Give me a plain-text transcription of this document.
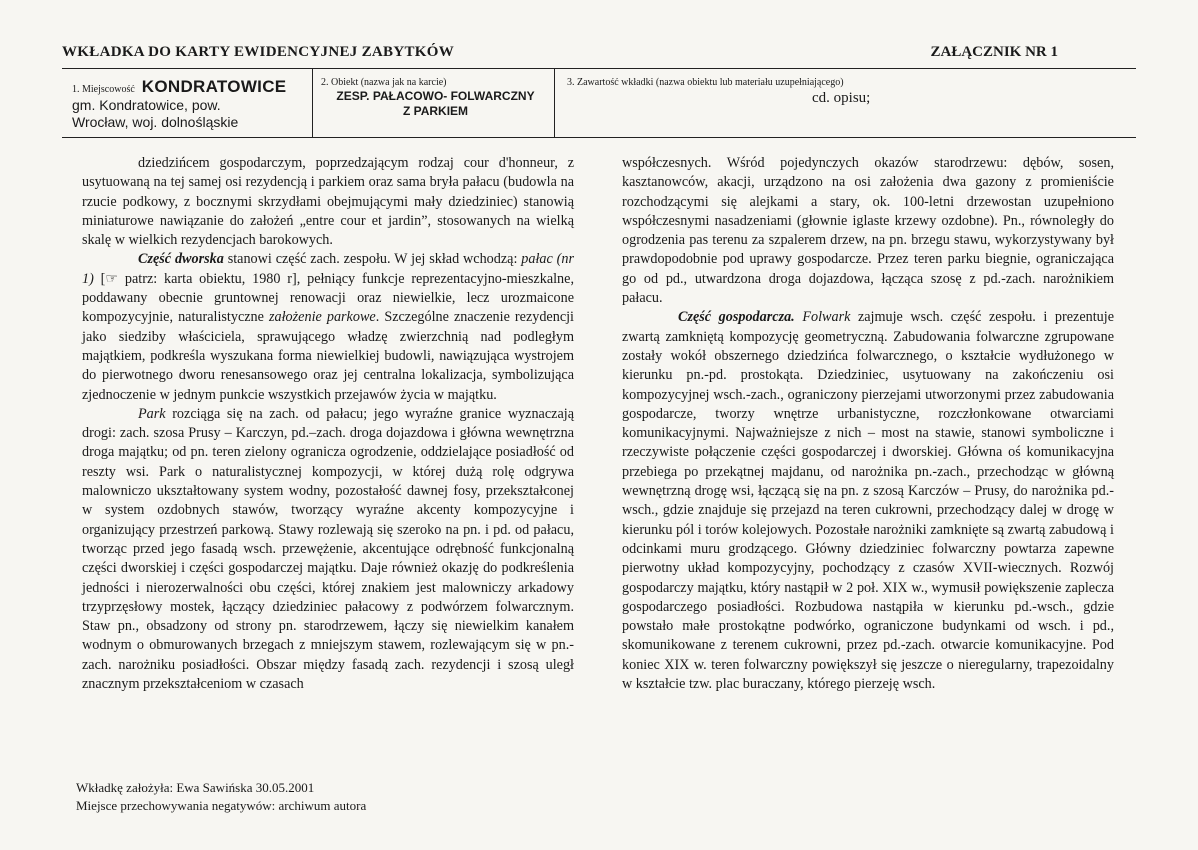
WKŁADKA DO KARTY EWIDENCYJNEJ ZABYTKÓW	ZAŁĄCZNIK NR 1
1. Miejscowość KONDRATOWICE
gm. Kondratowice, pow.
Wrocław, woj. dolnośląskie
2. Obiekt (nazwa jak na karcie)
ZESP. PAŁACOWO- FOLWARCZNY
Z PARKIEM
3. Zawartość wkładki (nazwa obiektu lub materiału uzupełniającego)
cd. opisu;

dziedzińcem gospodarczym, poprzedzającym rodzaj cour d'honneur, z usytuowaną na tej samej osi rezydencją i parkiem oraz sama bryła pałacu (budowla na rzucie podkowy, z bocznymi skrzydłami obejmującymi mały dziedziniec) stanowią miniaturowe nawiązanie do założeń „entre cour et jardin”, stosowanych na wielką skalę w wielkich rezydencjach barokowych.

Część dworska stanowi część zach. zespołu. W jej skład wchodzą: pałac (nr 1) [☞ patrz: karta obiektu, 1980 r], pełniący funkcje reprezentacyjno-mieszkalne, poddawany obecnie gruntownej renowacji oraz niewielkie, lecz urozmaicone kompozycyjnie, naturalistyczne założenie parkowe. Szczególne znaczenie rezydencji jako siedziby właściciela, sprawującego władzę zwierzchnią nad podległym majątkiem, podkreśla wyszukana forma niewielkiej budowli, nawiązująca wystrojem do pierwotnego dworu renesansowego oraz jej centralna lokalizacja, symbolizująca zjednoczenie w jednym punkcie wszystkich przejawów życia w majątku.

Park rozciąga się na zach. od pałacu; jego wyraźne granice wyznaczają drogi: zach. szosa Prusy – Karczyn, pd.–zach. droga dojazdowa i główna wewnętrzna droga majątku; od pn. teren zielony ogranicza ogrodzenie, oddzielające posiadłość od reszty wsi. Park o naturalistycznej kompozycji, w której dużą rolę odgrywa malowniczo ukształtowany system wodny, pozostałość dawnej fosy, przekształconej w system ozdobnych stawów, tworzący wyraźne akcenty kompozycyjne i organizujący przestrzeń parkową. Stawy rozlewają się szeroko na pn. i pd. od pałacu, tworząc przed jego fasadą wsch. przewężenie, akcentujące odrębność funkcjonalną części dworskiej i części gospodarczej majątku. Daje również okazję do podkreślenia jedności i nierozerwalności obu części, której znakiem jest malowniczy arkadowy trzyprzęsłowy mostek, łączący dziedziniec pałacowy z podwórzem folwarcznym. Staw pn., obsadzony od strony pn. starodrzewem, łączy się niewielkim kanałem wodnym o obmurowanych brzegach z mniejszym stawem, rozlewającym się w pn.-zach. narożniku posiadłości. Obszar między fasadą zach. rezydencji i szosą uległ znacznym przekształceniom w czasach

współczesnych. Wśród pojedynczych okazów starodrzewu: dębów, sosen, kasztanowców, akacji, urządzono na osi założenia dwa gazony z promieniście rozchodzącymi się alejkami a stary, ok. 100-letni drzewostan uzupełniono współczesnymi nasadzeniami (głownie iglaste krzewy ozdobne). Pn., równoległy do ogrodzenia pas terenu za szpalerem drzew, na pn. brzegu stawu, wykorzystywany był prawdopodobnie pod uprawy gospodarcze. Przez teren parku biegnie, ograniczająca go od pd., utwardzona droga dojazdowa, łącząca szosę z pd.-zach. narożnikiem pałacu.

Część gospodarcza. Folwark zajmuje wsch. część zespołu. i prezentuje zwartą zamkniętą kompozycję geometryczną. Zabudowania folwarczne zgrupowane zostały wokół obszernego dziedzińca folwarcznego, o kształcie wydłużonego w kierunku pn.-pd. prostokąta. Dziedziniec, usytuowany na zakończeniu osi kompozycyjnej wsch.-zach., ograniczony pierzejami utworzonymi przez zabudowania gospodarcze, tworzy wnętrze urbanistyczne, rozczłonkowane otwarciami komunikacyjnymi. Najważniejsze z nich – most na stawie, stanowi symboliczne i rzeczywiste połączenie części gospodarczej i dworskiej. Główna oś komunikacyjna przebiega po przekątnej majdanu, od narożnika pn.-zach., przechodząc w główną wewnętrzną drogę wsi, łączącą się na pn. z szosą Karczów – Prusy, do narożnika pd.-wsch., gdzie znajduje się przejazd na teren cukrowni, przechodzący dalej w drogę w kierunku pól i torów kolejowych. Pozostałe narożniki zamknięte są zwartą zabudową i odcinkami muru grodzącego. Główny dziedziniec folwarczny powtarza zapewne pierwotny układ kompozycyjny, pochodzący z czasów XVII-wiecznych. Rozwój gospodarczy majątku, który nastąpił w 2 poł. XIX w., wymusił powiększenie zaplecza gospodarczego posiadłości. Rozbudowa nastąpiła w kierunku pd.-wsch., gdzie powstało małe prostokątne podwórko, ograniczone budynkami od wsch. i pd., skomunikowane z terenem cukrowni, przez pd.-zach. otwarcie komunikacyjne. Pod koniec XIX w. teren folwarczny powiększył się jeszcze o nieregularny, trapezoidalny w kształcie tzw. plac buraczany, którego pierzeję wsch.

Wkładkę założyła: Ewa Sawińska 30.05.2001
Miejsce przechowywania negatywów: archiwum autora
